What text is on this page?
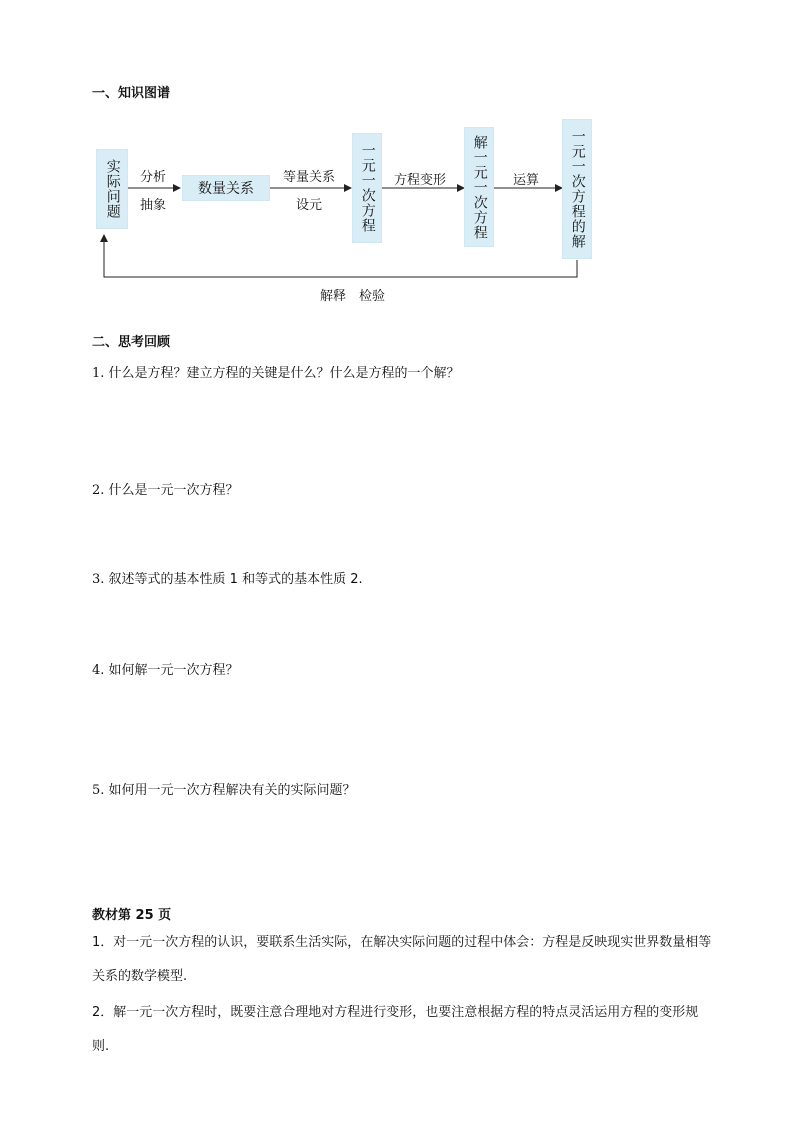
一、知识图谱
实际问题	数量关系	一元一次方程	解一元一次方程	一元一次方程的解
分析
抽象
等量关系
设元
方程变形	运算
解释　检验
二、思考回顾
1. 什么是方程？建立方程的关键是什么？什么是方程的一个解？
2. 什么是一元一次方程？
3. 叙述等式的基本性质 1 和等式的基本性质 2.
4. 如何解一元一次方程？
5. 如何用一元一次方程解决有关的实际问题？
教材第 25 页
1．对一元一次方程的认识，要联系生活实际，在解决实际问题的过程中体会：方程是反映现实世界数量相等关系的数学模型.
2．解一元一次方程时，既要注意合理地对方程进行变形，也要注意根据方程的特点灵活运用方程的变形规则.
